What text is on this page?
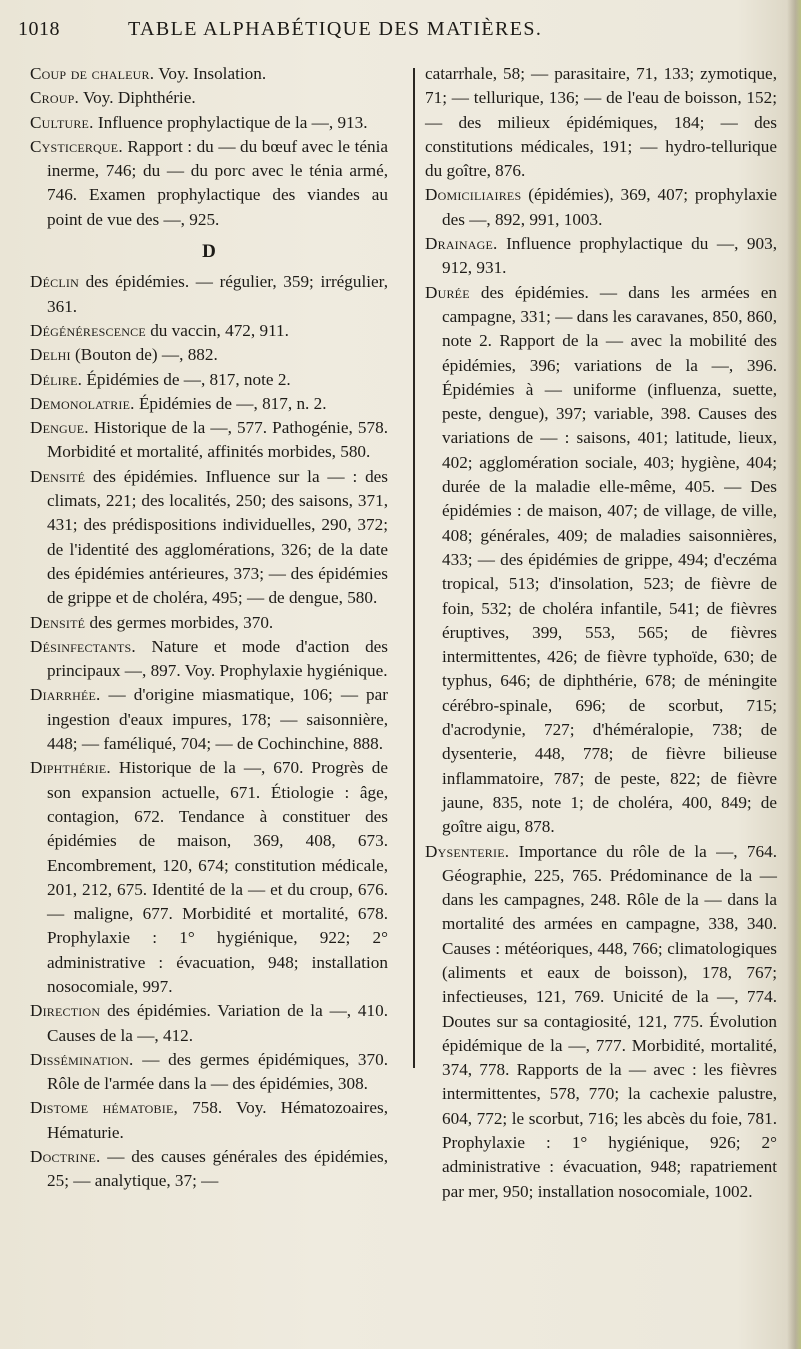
1018	TABLE ALPHABÉTIQUE DES MATIÈRES.

Coup de chaleur. Voy. Insolation.

Croup. Voy. Diphthérie.

Culture. Influence prophylactique de la —, 913.

Cysticerque. Rapport : du — du bœuf avec le ténia inerme, 746; du — du porc avec le ténia armé, 746. Examen prophylactique des viandes au point de vue des —, 925.

D

Déclin des épidémies. — régulier, 359; irrégulier, 361.

Dégénérescence du vaccin, 472, 911.

Delhi (Bouton de) —, 882.

Délire. Épidémies de —, 817, note 2.

Demonolatrie. Épidémies de —, 817, n. 2.

Dengue. Historique de la —, 577. Pathogénie, 578. Morbidité et mortalité, affinités morbides, 580.

Densité des épidémies. Influence sur la — : des climats, 221; des localités, 250; des saisons, 371, 431; des prédispositions individuelles, 290, 372; de l'identité des agglomérations, 326; de la date des épidémies antérieures, 373; — des épidémies de grippe et de choléra, 495; — de dengue, 580.

Densité des germes morbides, 370.

Désinfectants. Nature et mode d'action des principaux —, 897. Voy. Prophylaxie hygiénique.

Diarrhée. — d'origine miasmatique, 106; — par ingestion d'eaux impures, 178; — saisonnière, 448; — faméliqué, 704; — de Cochinchine, 888.

Diphthérie. Historique de la —, 670. Progrès de son expansion actuelle, 671. Étiologie : âge, contagion, 672. Tendance à constituer des épidémies de maison, 369, 408, 673. Encombrement, 120, 674; constitution médicale, 201, 212, 675. Identité de la — et du croup, 676. — maligne, 677. Morbidité et mortalité, 678. Prophylaxie : 1° hygiénique, 922; 2° administrative : évacuation, 948; installation nosocomiale, 997.

Direction des épidémies. Variation de la —, 410. Causes de la —, 412.

Dissémination. — des germes épidémiques, 370. Rôle de l'armée dans la — des épidémies, 308.

Distome hématobie, 758. Voy. Hématozoaires, Hématurie.

Doctrine. — des causes générales des épidémies, 25; — analytique, 37; —

catarrhale, 58; — parasitaire, 71, 133; zymotique, 71; — tellurique, 136; — de l'eau de boisson, 152; — des milieux épidémiques, 184; — des constitutions médicales, 191; — hydro-tellurique du goître, 876.

Domiciliaires (épidémies), 369, 407; prophylaxie des —, 892, 991, 1003.

Drainage. Influence prophylactique du —, 903, 912, 931.

Durée des épidémies. — dans les armées en campagne, 331; — dans les caravanes, 850, 860, note 2. Rapport de la — avec la mobilité des épidémies, 396; variations de la —, 396. Épidémies à — uniforme (influenza, suette, peste, dengue), 397; variable, 398. Causes des variations de — : saisons, 401; latitude, lieux, 402; agglomération sociale, 403; hygiène, 404; durée de la maladie elle-même, 405. — Des épidémies : de maison, 407; de village, de ville, 408; générales, 409; de maladies saisonnières, 433; — des épidémies de grippe, 494; d'eczéma tropical, 513; d'insolation, 523; de fièvre de foin, 532; de choléra infantile, 541; de fièvres éruptives, 399, 553, 565; de fièvres intermittentes, 426; de fièvre typhoïde, 630; de typhus, 646; de diphthérie, 678; de méningite cérébro-spinale, 696; de scorbut, 715; d'acrodynie, 727; d'héméralopie, 738; de dysenterie, 448, 778; de fièvre bilieuse inflammatoire, 787; de peste, 822; de fièvre jaune, 835, note 1; de choléra, 400, 849; de goître aigu, 878.

Dysenterie. Importance du rôle de la —, 764. Géographie, 225, 765. Prédominance de la — dans les campagnes, 248. Rôle de la — dans la mortalité des armées en campagne, 338, 340. Causes : météoriques, 448, 766; climatologiques (aliments et eaux de boisson), 178, 767; infectieuses, 121, 769. Unicité de la —, 774. Doutes sur sa contagiosité, 121, 775. Évolution épidémique de la —, 777. Morbidité, mortalité, 374, 778. Rapports de la — avec : les fièvres intermittentes, 578, 770; la cachexie palustre, 604, 772; le scorbut, 716; les abcès du foie, 781. Prophylaxie : 1° hygiénique, 926; 2° administrative : évacuation, 948; rapatriement par mer, 950; installation nosocomiale, 1002.
